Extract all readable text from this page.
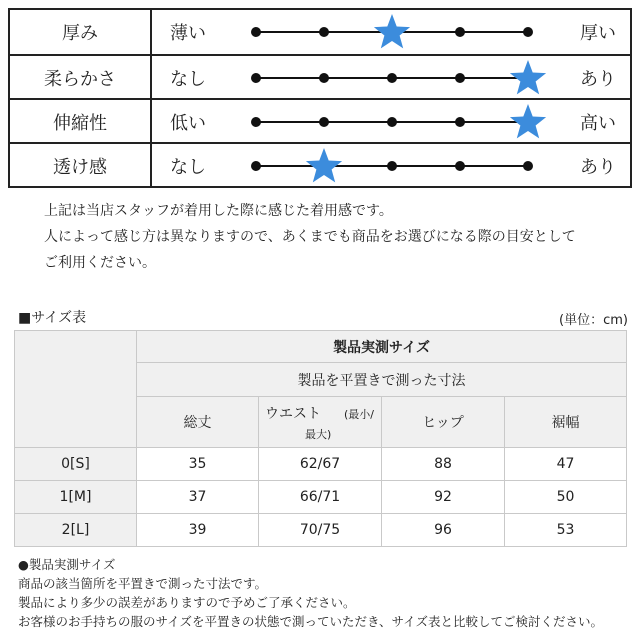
厚み	薄い	厚い
柔らかさ	なし	あり
伸縮性	低い	高い
透け感	なし	あり
上記は当店スタッフが着用した際に感じた着用感です。
人によって感じ方は異なりますので、あくまでも商品をお選びになる際の目安として
ご利用ください。
■サイズ表	(単位：cm)
	製品実測サイズ			
	製品を平置きで測った寸法			
	総丈	ウエスト (最小/
最大)	ヒップ	裾幅
0[S]	35	62/67	88	47
1[M]	37	66/71	92	50
2[L]	39	70/75	96	53
●製品実測サイズ
商品の該当箇所を平置きで測った寸法です。
製品により多少の誤差がありますので予めご了承ください。
お客様のお手持ちの服のサイズを平置きの状態で測っていただき、サイズ表と比較してご検討ください。
